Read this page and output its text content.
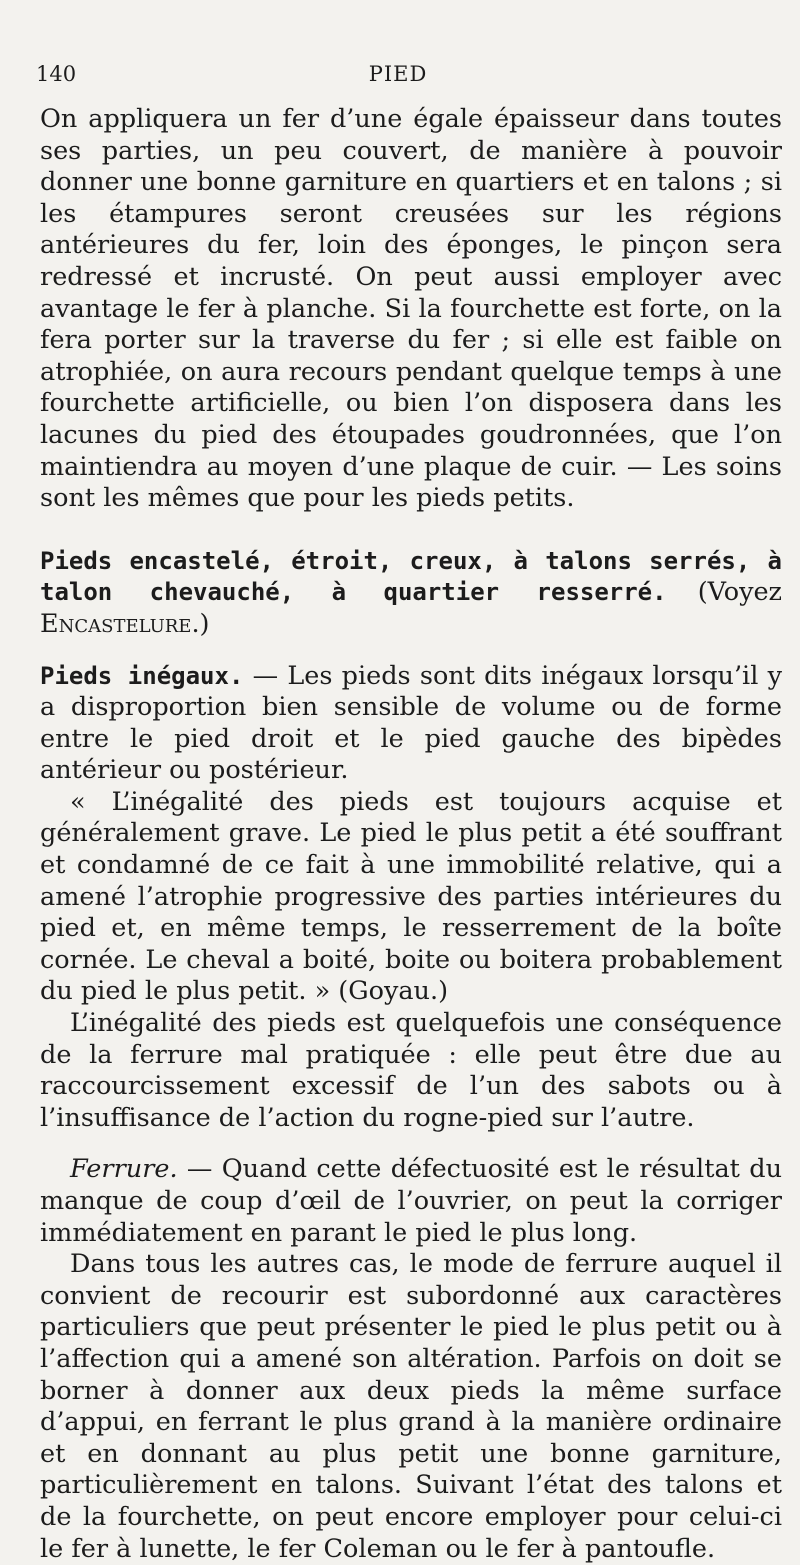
140	PIED

On appliquera un fer d’une égale épaisseur dans toutes ses parties, un peu couvert, de manière à pouvoir donner une bonne garniture en quartiers et en talons ; si les étampures seront creusées sur les régions antérieures du fer, loin des éponges, le pinçon sera redressé et incrusté. On peut aussi employer avec avantage le fer à planche. Si la fourchette est forte, on la fera porter sur la traverse du fer ; si elle est faible on atrophiée, on aura recours pendant quelque temps à une fourchette artificielle, ou bien l’on disposera dans les lacunes du pied des étoupades goudronnées, que l’on maintiendra au moyen d’une plaque de cuir. — Les soins sont les mêmes que pour les pieds petits.

Pieds encastelé, étroit, creux, à talons serrés, à talon chevauché, à quartier resserré. (Voyez Encastelure.)

Pieds inégaux. — Les pieds sont dits inégaux lorsqu’il y a disproportion bien sensible de volume ou de forme entre le pied droit et le pied gauche des bipèdes antérieur ou postérieur.

« L’inégalité des pieds est toujours acquise et généralement grave. Le pied le plus petit a été souffrant et condamné de ce fait à une immobilité relative, qui a amené l’atrophie progressive des parties intérieures du pied et, en même temps, le resserrement de la boîte cornée. Le cheval a boité, boite ou boitera probablement du pied le plus petit. » (Goyau.)

L’inégalité des pieds est quelquefois une conséquence de la ferrure mal pratiquée : elle peut être due au raccourcissement excessif de l’un des sabots ou à l’insuffisance de l’action du rogne-pied sur l’autre.

Ferrure. — Quand cette défectuosité est le résultat du manque de coup d’œil de l’ouvrier, on peut la corriger immédiatement en parant le pied le plus long.

Dans tous les autres cas, le mode de ferrure auquel il convient de recourir est subordonné aux caractères particuliers que peut présenter le pied le plus petit ou à l’affection qui a amené son altération. Parfois on doit se borner à donner aux deux pieds la même surface d’appui, en ferrant le plus grand à la manière ordinaire et en donnant au plus petit une bonne garniture, particulièrement en talons. Suivant l’état des talons et de la fourchette, on peut encore employer pour celui-ci le fer à lunette, le fer Coleman ou le fer à pantoufle.
